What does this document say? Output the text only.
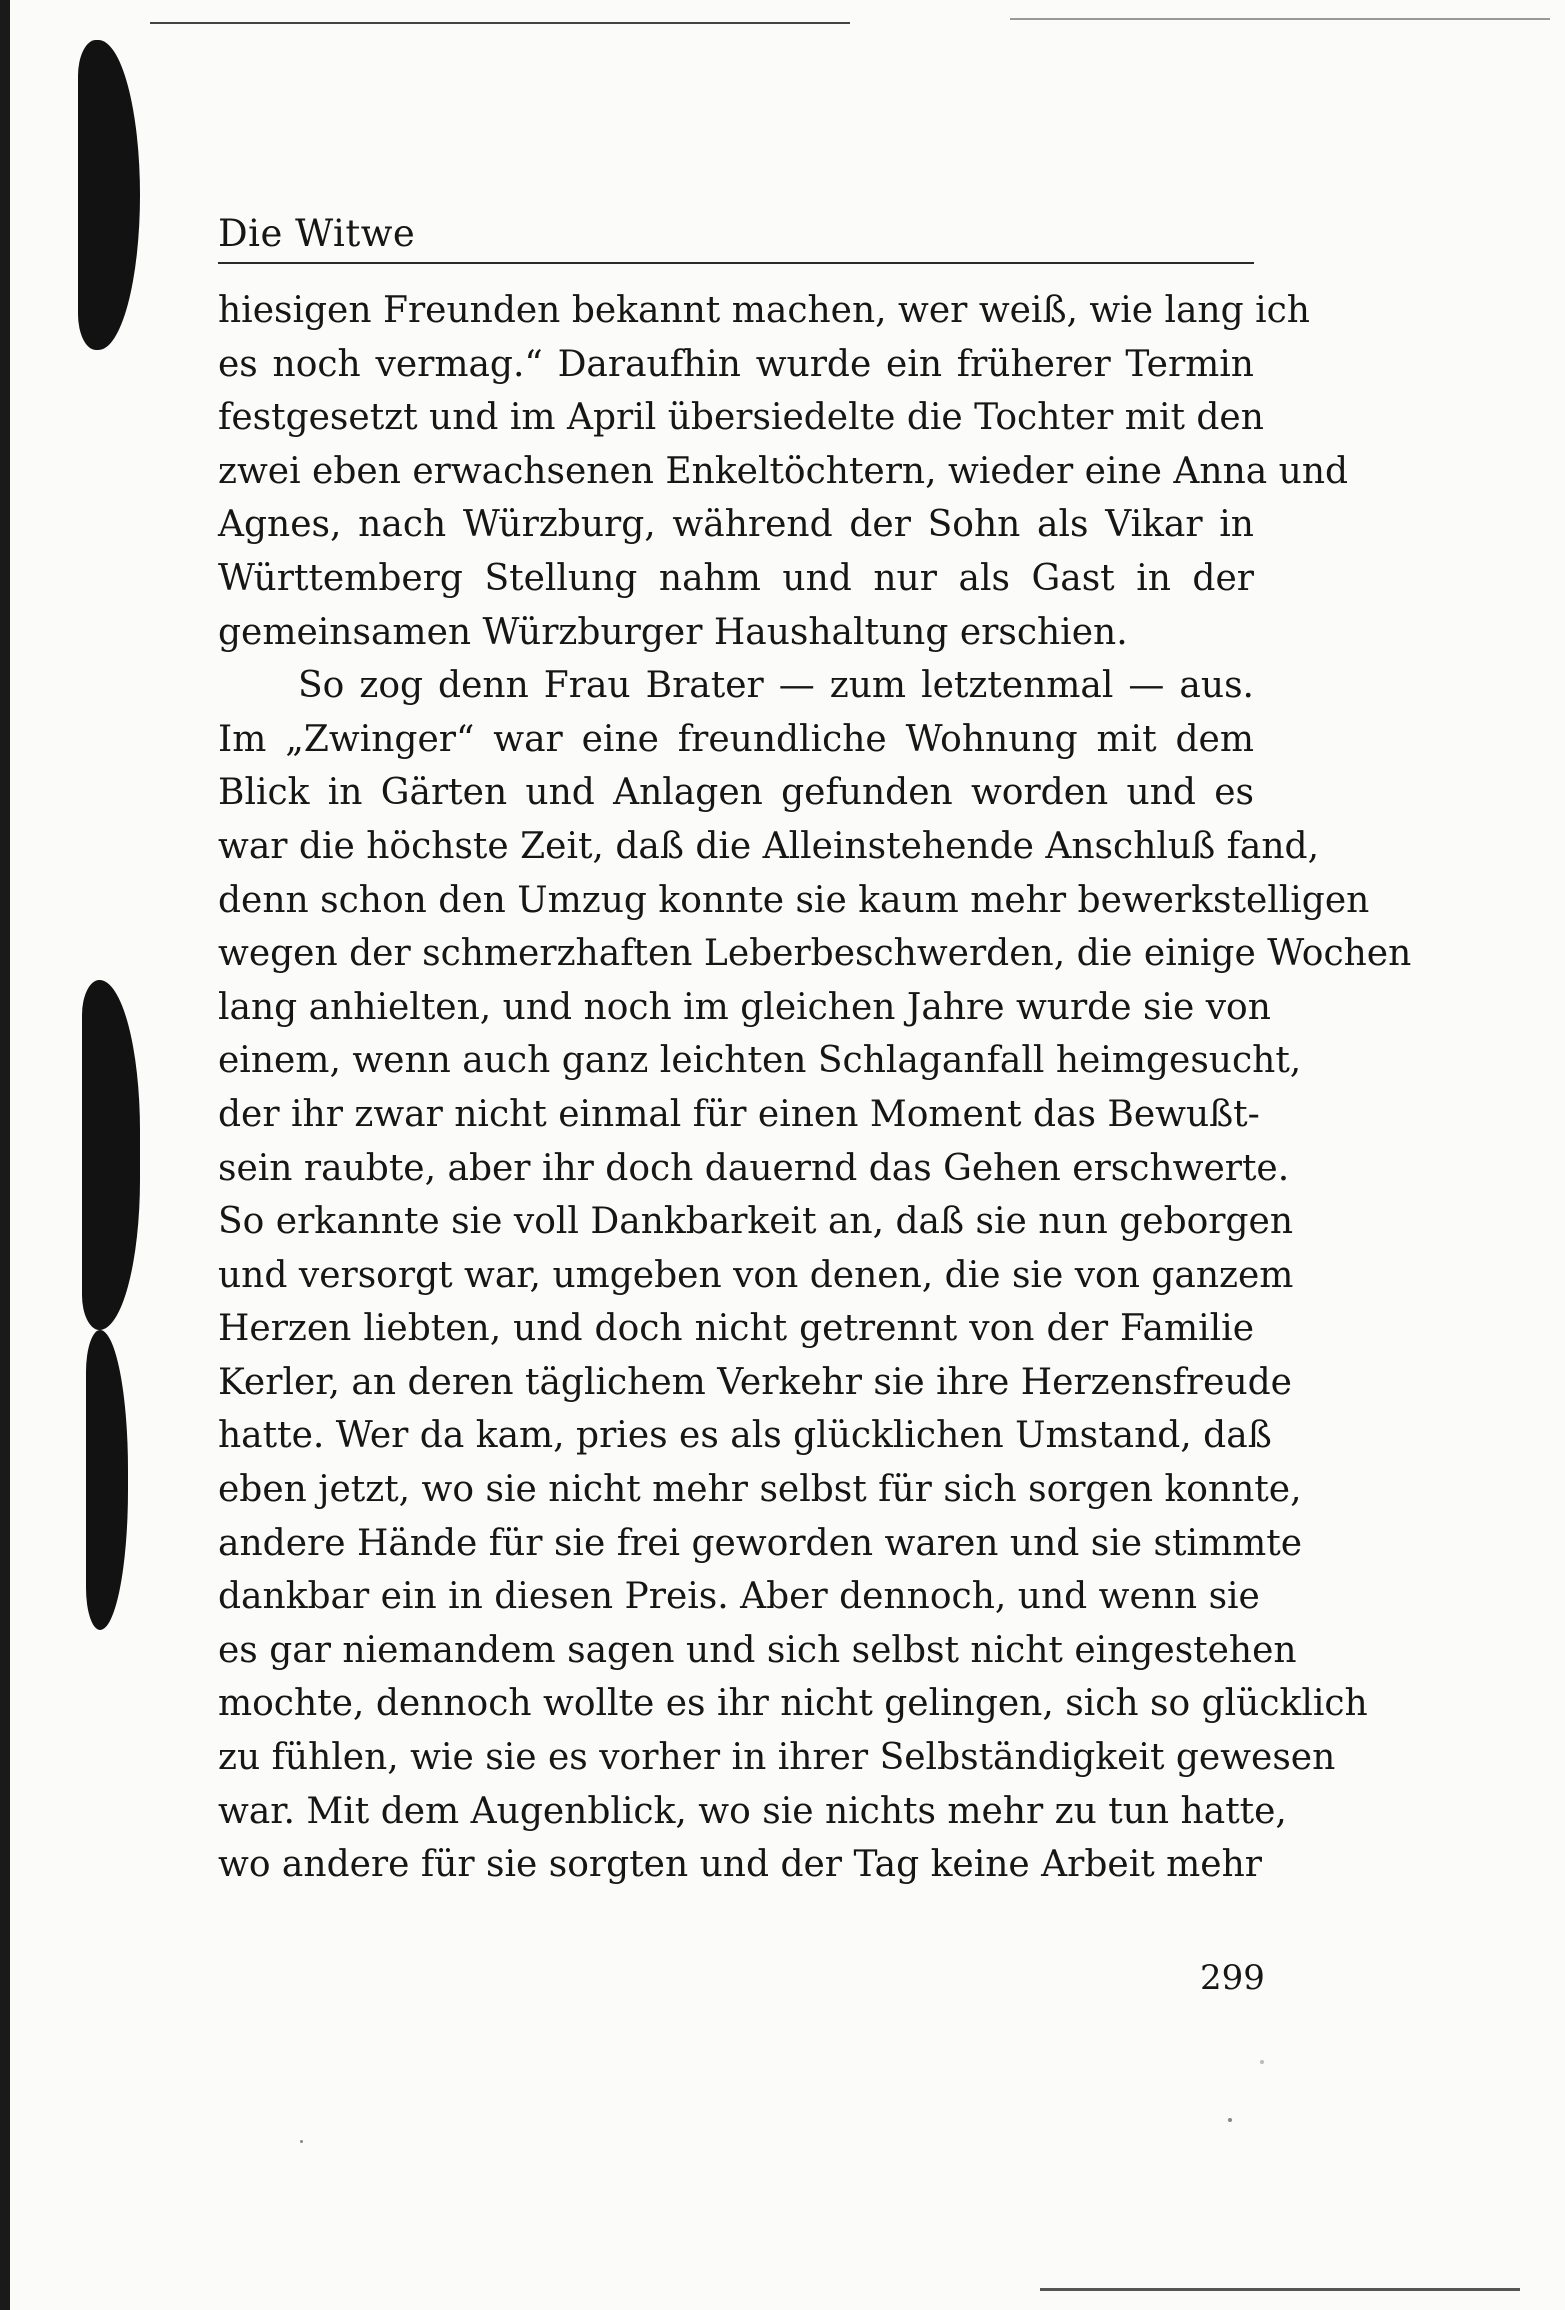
Die Witwe
hiesigen Freunden bekannt machen, wer weiß, wie lang ich
es noch vermag.“ Daraufhin wurde ein früherer Termin
festgesetzt und im April übersiedelte die Tochter mit den
zwei eben erwachsenen Enkeltöchtern, wieder eine Anna und
Agnes, nach Würzburg, während der Sohn als Vikar in
Württemberg Stellung nahm und nur als Gast in der
gemeinsamen Würzburger Haushaltung erschien.
So zog denn Frau Brater — zum letztenmal — aus.
Im „Zwinger“ war eine freundliche Wohnung mit dem
Blick in Gärten und Anlagen gefunden worden und es
war die höchste Zeit, daß die Alleinstehende Anschluß fand,
denn schon den Umzug konnte sie kaum mehr bewerkstelligen
wegen der schmerzhaften Leberbeschwerden, die einige Wochen
lang anhielten, und noch im gleichen Jahre wurde sie von
einem, wenn auch ganz leichten Schlaganfall heimgesucht,
der ihr zwar nicht einmal für einen Moment das Bewußt-
sein raubte, aber ihr doch dauernd das Gehen erschwerte.
So erkannte sie voll Dankbarkeit an, daß sie nun geborgen
und versorgt war, umgeben von denen, die sie von ganzem
Herzen liebten, und doch nicht getrennt von der Familie
Kerler, an deren täglichem Verkehr sie ihre Herzensfreude
hatte. Wer da kam, pries es als glücklichen Umstand, daß
eben jetzt, wo sie nicht mehr selbst für sich sorgen konnte,
andere Hände für sie frei geworden waren und sie stimmte
dankbar ein in diesen Preis. Aber dennoch, und wenn sie
es gar niemandem sagen und sich selbst nicht eingestehen
mochte, dennoch wollte es ihr nicht gelingen, sich so glücklich
zu fühlen, wie sie es vorher in ihrer Selbständigkeit gewesen
war. Mit dem Augenblick, wo sie nichts mehr zu tun hatte,
wo andere für sie sorgten und der Tag keine Arbeit mehr
299
